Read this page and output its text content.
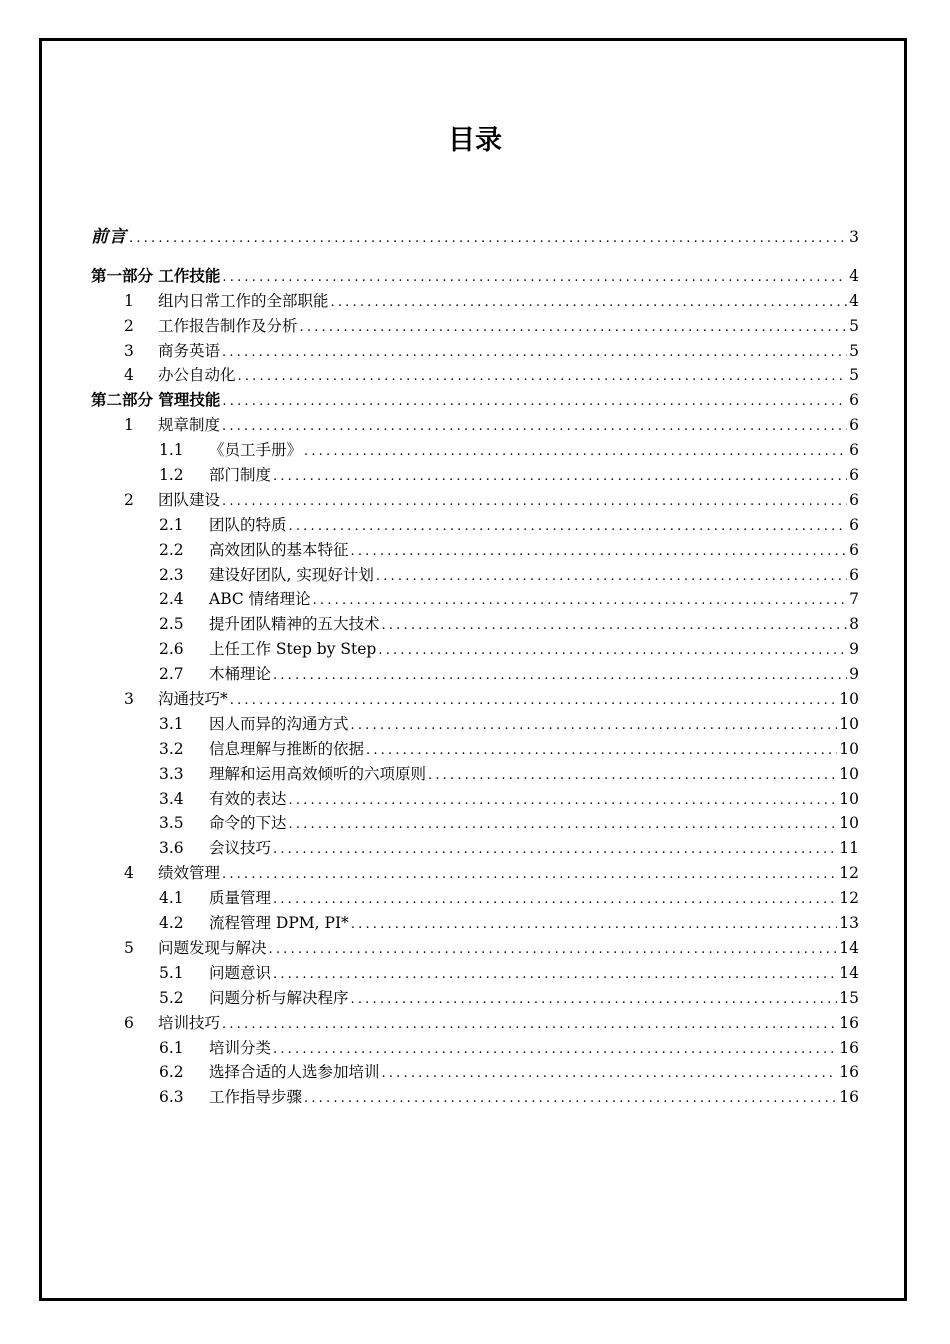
目录
前言 .....	3
第一部分 工作技能 .....	4
1	组内日常工作的全部职能 .....	4
2	工作报告制作及分析 .....	5
3	商务英语 .....	5
4	办公自动化 .....	5
第二部分 管理技能 .....	6
1	规章制度 .....	6
1.1	《员工手册》 .....	6
1.2	部门制度 .....	6
2	团队建设 .....	6
2.1	团队的特质 .....	6
2.2	高效团队的基本特征 .....	6
2.3	建设好团队, 实现好计划 .....	6
2.4	ABC 情绪理论 .....	7
2.5	提升团队精神的五大技术 .....	8
2.6	上任工作 Step by Step .....	9
2.7	木桶理论 .....	9
3	沟通技巧* .....	10
3.1	因人而异的沟通方式 .....	10
3.2	信息理解与推断的依据 .....	10
3.3	理解和运用高效倾听的六项原则 .....	10
3.4	有效的表达 .....	10
3.5	命令的下达 .....	10
3.6	会议技巧 .....	11
4	绩效管理 .....	12
4.1	质量管理 .....	12
4.2	流程管理 DPM, PI* .....	13
5	问题发现与解决 .....	14
5.1	问题意识 .....	14
5.2	问题分析与解决程序 .....	15
6	培训技巧 .....	16
6.1	培训分类 .....	16
6.2	选择合适的人选参加培训 .....	16
6.3	工作指导步骤 .....	16
